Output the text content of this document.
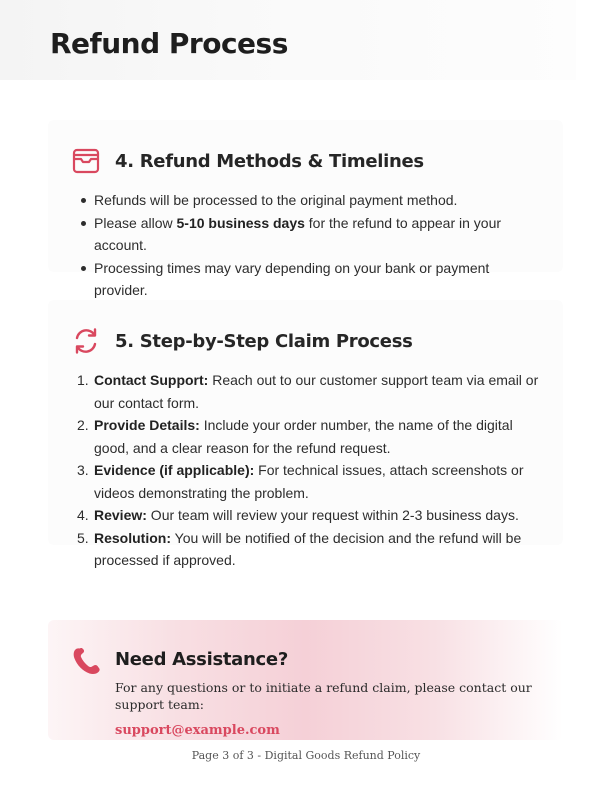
Refund Process
4. Refund Methods & Timelines
Refunds will be processed to the original payment method.
Please allow 5-10 business days for the refund to appear in your account.
Processing times may vary depending on your bank or payment provider.
5. Step-by-Step Claim Process
1. Contact Support: Reach out to our customer support team via email or our contact form.
2. Provide Details: Include your order number, the name of the digital good, and a clear reason for the refund request.
3. Evidence (if applicable): For technical issues, attach screenshots or videos demonstrating the problem.
4. Review: Our team will review your request within 2-3 business days.
5. Resolution: You will be notified of the decision and the refund will be processed if approved.
Need Assistance?

For any questions or to initiate a refund claim, please contact our support team:

support@example.com

Page 3 of 3 - Digital Goods Refund Policy
